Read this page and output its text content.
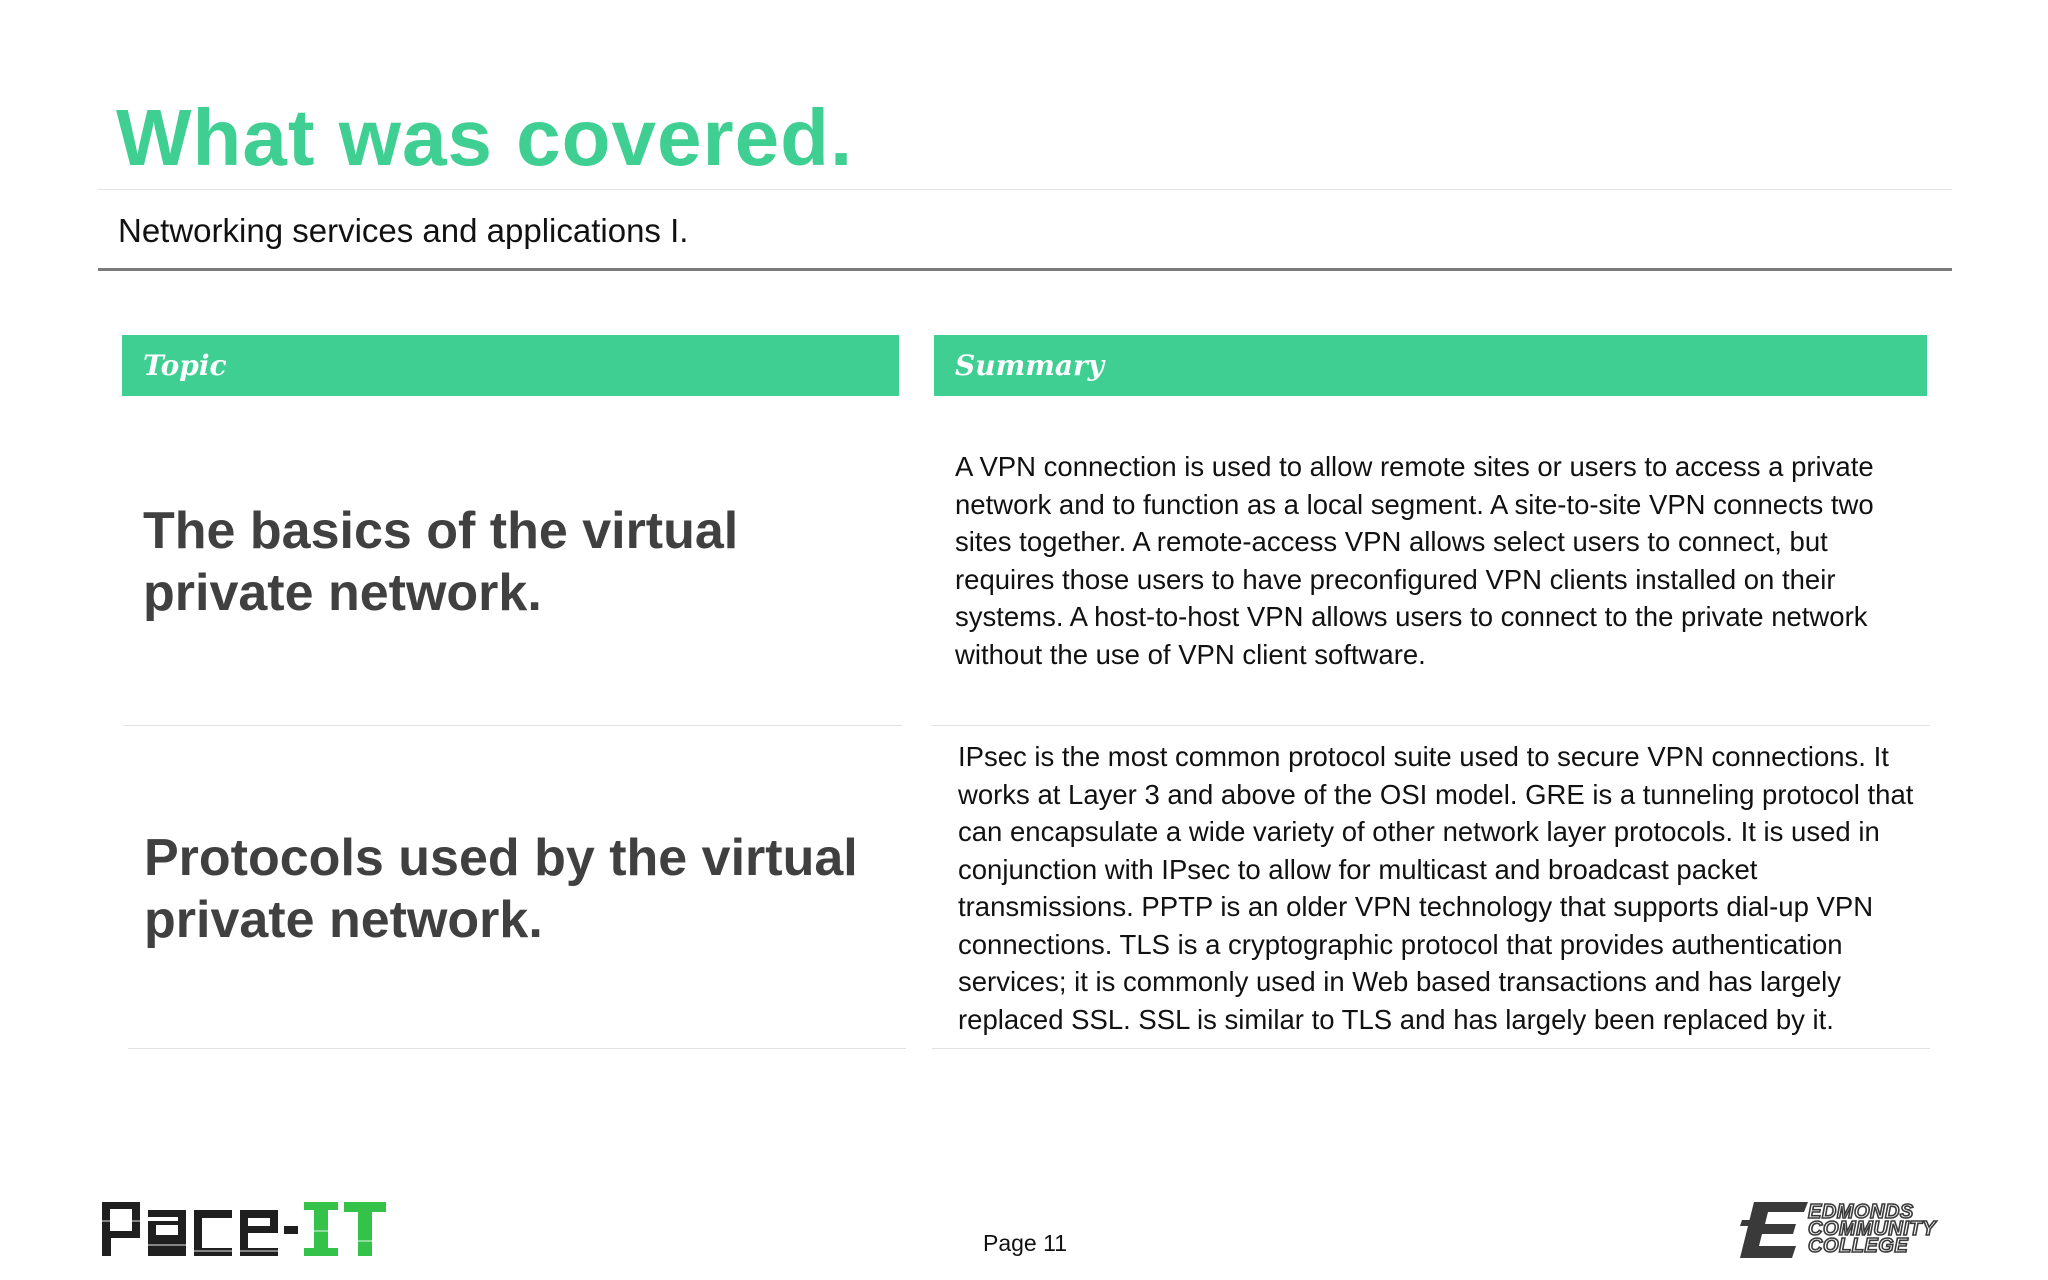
What was covered.
Networking services and applications I.
Topic	Summary
The basics of the virtual private network.
A VPN connection is used to allow remote sites or users to access a private network and to function as a local segment. A site-to-site VPN connects two sites together. A remote-access VPN allows select users to connect, but requires those users to have preconfigured VPN clients installed on their systems. A host-to-host VPN allows users to connect to the private network without the use of VPN client software.
Protocols used by the virtual private network.
IPsec is the most common protocol suite used to secure VPN connections. It works at Layer 3 and above of the OSI model. GRE is a tunneling protocol that can encapsulate a wide variety of other network layer protocols. It is used in conjunction with IPsec to allow for multicast and broadcast packet transmissions. PPTP is an older VPN technology that supports dial-up VPN connections. TLS is a cryptographic protocol that provides authentication services; it is commonly used in Web based transactions and has largely replaced SSL. SSL is similar to TLS and has largely been replaced by it.
Page 11
EDMONDS
COMMUNITY
COLLEGE
